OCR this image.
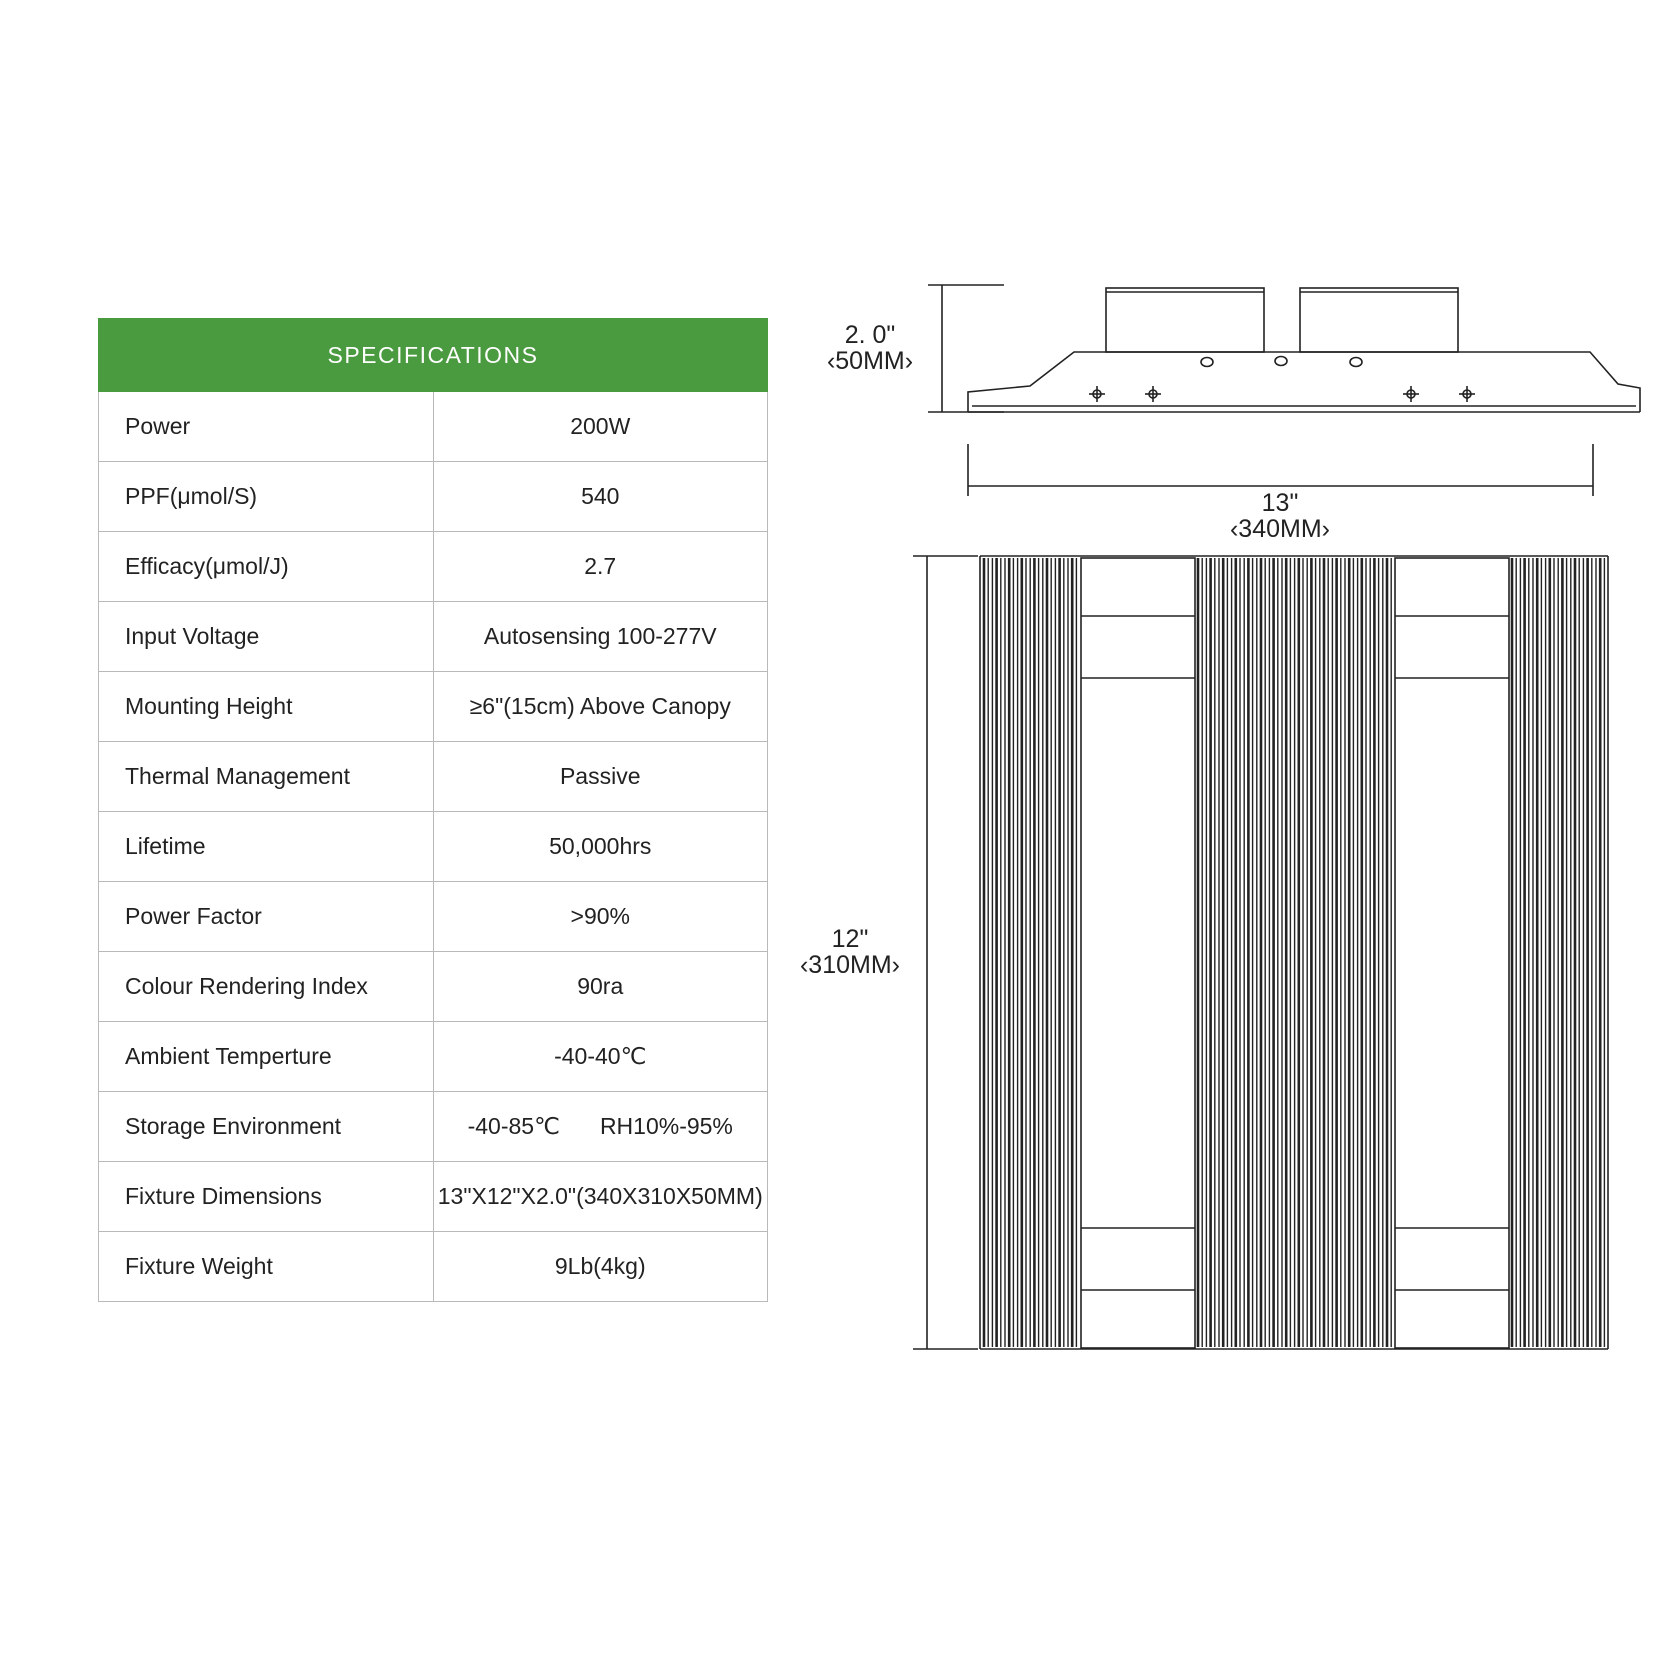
SPECIFICATIONS	
Power	200W
PPF(μmol/S)	540
Efficacy(μmol/J)	2.7
Input Voltage	Autosensing 100-277V
Mounting Height	≥6"(15cm) Above Canopy
Thermal Management	Passive
Lifetime	50,000hrs
Power Factor	>90%
Colour Rendering Index	90ra
Ambient Temperture	-40-40℃
Storage Environment	-40-85℃ RH10%-95%
Fixture Dimensions	13"X12"X2.0"(340X310X50MM)
Fixture Weight	9Lb(4kg)
2. 0"
‹50MM›
13"
‹340MM›
12"
‹310MM›
